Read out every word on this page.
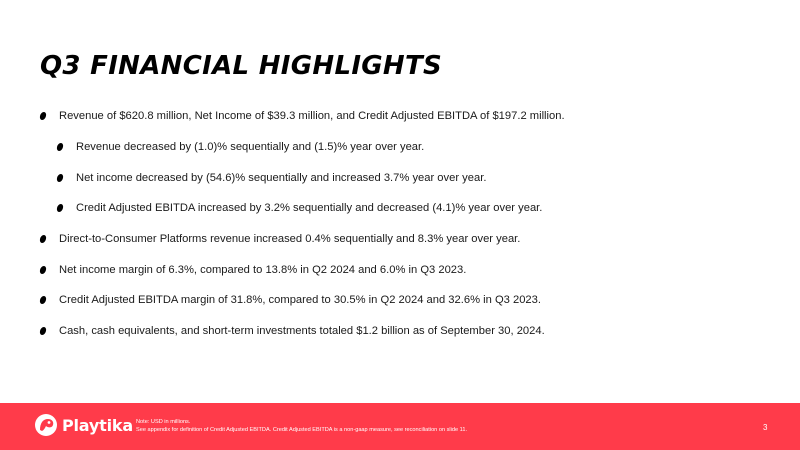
Q3 FINANCIAL HIGHLIGHTS
Revenue of $620.8 million, Net Income of $39.3 million, and Credit Adjusted EBITDA of $197.2 million.
Revenue decreased by (1.0)% sequentially and (1.5)% year over year.
Net income decreased by (54.6)% sequentially and increased 3.7% year over year.
Credit Adjusted EBITDA increased by 3.2% sequentially and decreased (4.1)% year over year.
Direct-to-Consumer Platforms revenue increased 0.4% sequentially and 8.3% year over year.
Net income margin of 6.3%, compared to 13.8% in Q2 2024 and 6.0% in Q3 2023.
Credit Adjusted EBITDA margin of 31.8%, compared to 30.5% in Q2 2024 and 32.6% in Q3 2023.
Cash, cash equivalents, and short-term investments totaled $1.2 billion as of September 30, 2024.
Playtika Note: USD in millions.
See appendix for definition of Credit Adjusted EBITDA. Credit Adjusted EBITDA is a non-gaap measure, see reconciliation on slide 11.	3
